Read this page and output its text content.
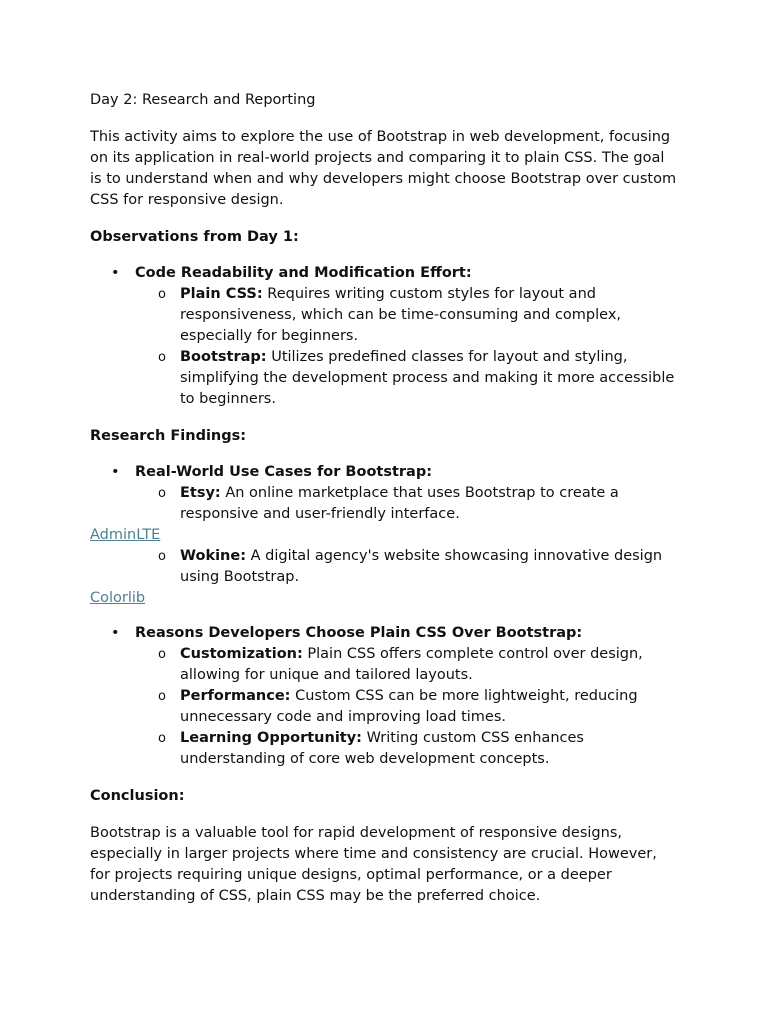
Day 2: Research and Reporting

This activity aims to explore the use of Bootstrap in web development, focusing on its application in real-world projects and comparing it to plain CSS. The goal is to understand when and why developers might choose Bootstrap over custom CSS for responsive design.

Observations from Day 1:

• Code Readability and Modification Effort:
o Plain CSS: Requires writing custom styles for layout and responsiveness, which can be time-consuming and complex, especially for beginners.
o Bootstrap: Utilizes predefined classes for layout and styling, simplifying the development process and making it more accessible to beginners.

Research Findings:

• Real-World Use Cases for Bootstrap:
o Etsy: An online marketplace that uses Bootstrap to create a responsive and user-friendly interface.
AdminLTE
o Wokine: A digital agency's website showcasing innovative design using Bootstrap.
Colorlib
• Reasons Developers Choose Plain CSS Over Bootstrap:
o Customization: Plain CSS offers complete control over design, allowing for unique and tailored layouts.
o Performance: Custom CSS can be more lightweight, reducing unnecessary code and improving load times.
o Learning Opportunity: Writing custom CSS enhances understanding of core web development concepts.

Conclusion:

Bootstrap is a valuable tool for rapid development of responsive designs, especially in larger projects where time and consistency are crucial. However, for projects requiring unique designs, optimal performance, or a deeper understanding of CSS, plain CSS may be the preferred choice.
